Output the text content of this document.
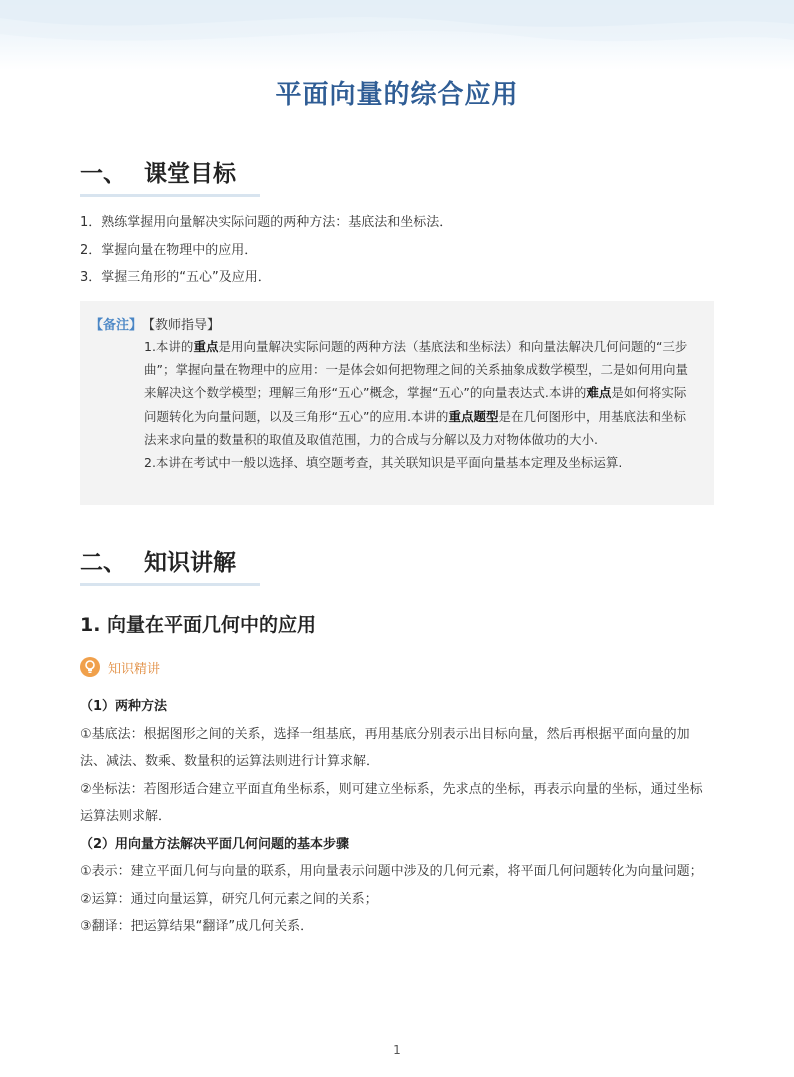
平面向量的综合应用
一、 课堂目标
1．熟练掌握用向量解决实际问题的两种方法：基底法和坐标法．
2．掌握向量在物理中的应用．
3．掌握三角形的“五心”及应用．
【备注】 【教师指导】

1.本讲的重点是用向量解决实际问题的两种方法（基底法和坐标法）和向量法解决几何问题的“三步曲”；掌握向量在物理中的应用：一是体会如何把物理之间的关系抽象成数学模型，二是如何用向量来解决这个数学模型；理解三角形“五心”概念，掌握“五心”的向量表达式.本讲的难点是如何将实际问题转化为向量问题，以及三角形“五心”的应用.本讲的重点题型是在几何图形中，用基底法和坐标法来求向量的数量积的取值及取值范围，力的合成与分解以及力对物体做功的大小.

2.本讲在考试中一般以选择、填空题考查，其关联知识是平面向量基本定理及坐标运算.

二、 知识讲解
1. 向量在平面几何中的应用
知识精讲

（1）两种方法

①基底法：根据图形之间的关系，选择一组基底，再用基底分别表示出目标向量，然后再根据平面向量的加法、减法、数乘、数量积的运算法则进行计算求解．

②坐标法：若图形适合建立平面直角坐标系，则可建立坐标系，先求点的坐标，再表示向量的坐标，通过坐标运算法则求解．

（2）用向量方法解决平面几何问题的基本步骤

①表示：建立平面几何与向量的联系，用向量表示问题中涉及的几何元素，将平面几何问题转化为向量问题；

②运算：通过向量运算，研究几何元素之间的关系；

③翻译：把运算结果“翻译”成几何关系．

1
